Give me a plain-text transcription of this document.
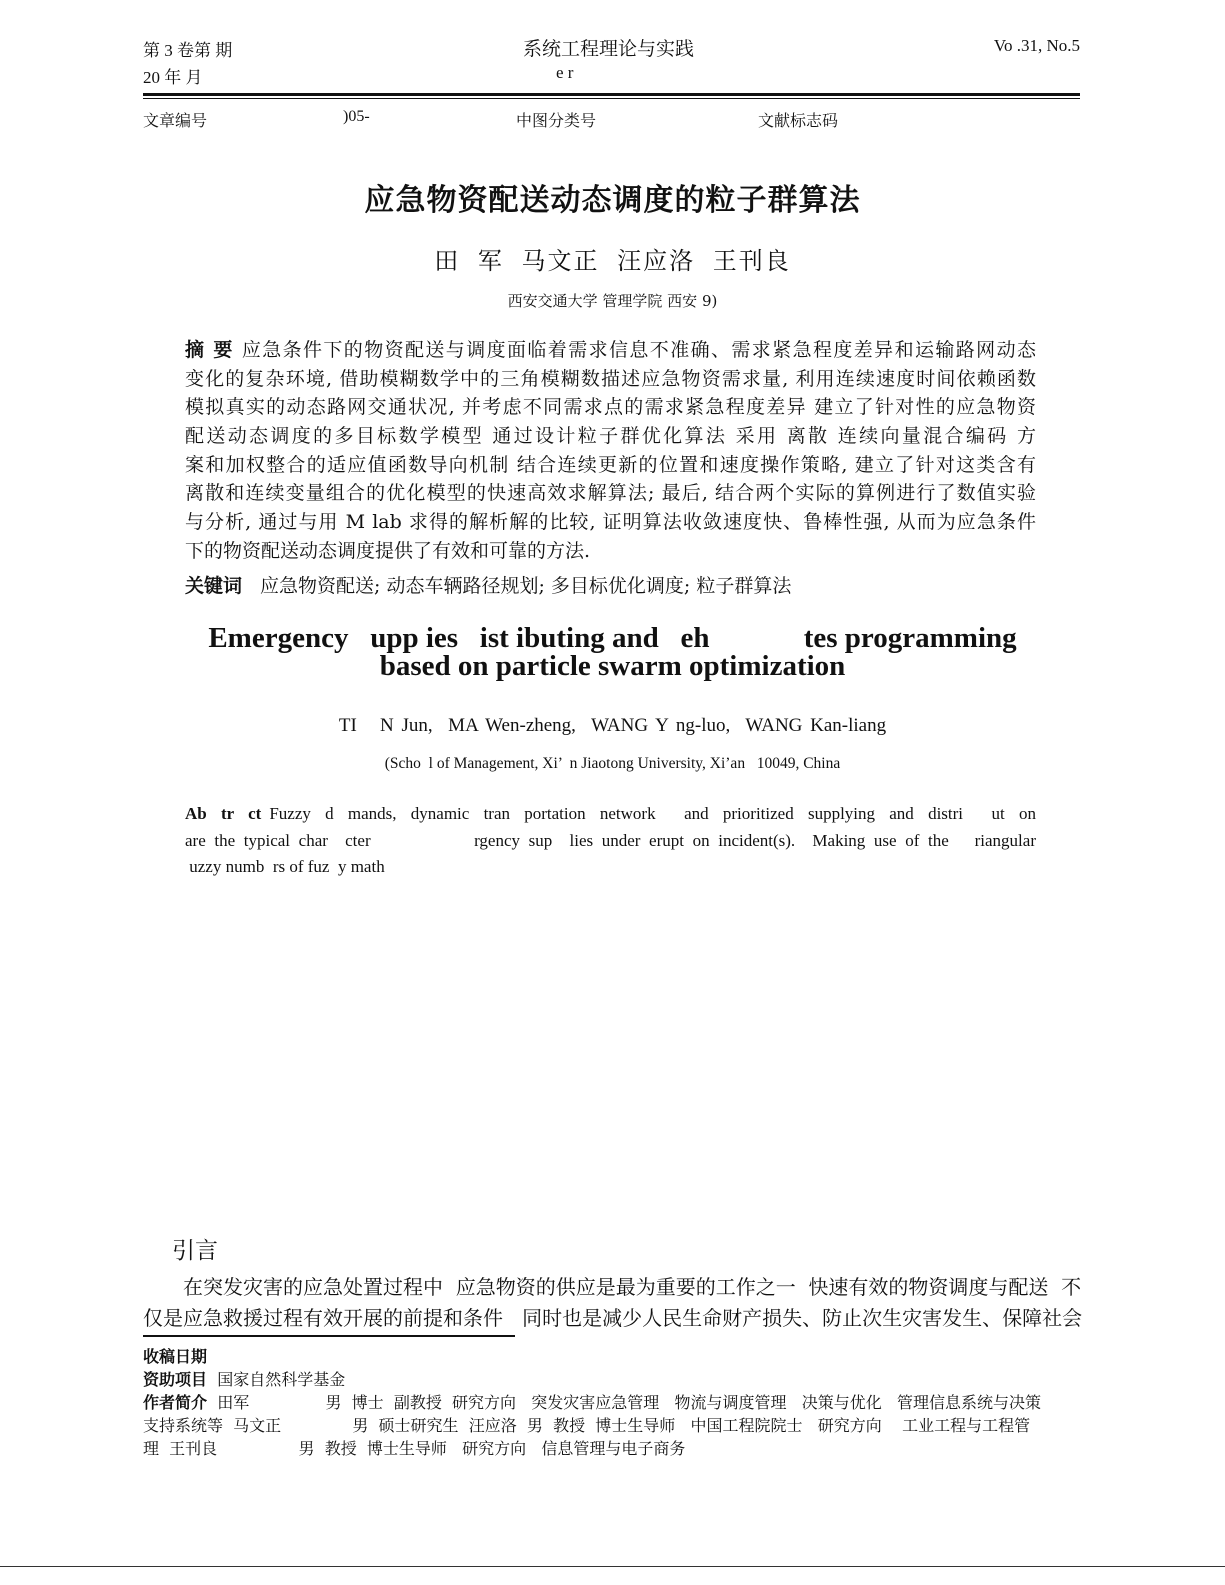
第 3 卷第 期
20 年 月
系统工程理论与实践
e r
Vo .31, No.5
文章编号	)05-	中图分类号	文献标志码
应急物资配送动态调度的粒子群算法
田 军 马文正 汪应洛 王刊良
西安交通大学 管理学院 西安 9)
摘 要 应急条件下的物资配送与调度面临着需求信息不准确、需求紧急程度差异和运输路网动态
变化的复杂环境, 借助模糊数学中的三角模糊数描述应急物资需求量, 利用连续速度时间依赖函数
模拟真实的动态路网交通状况, 并考虑不同需求点的需求紧急程度差异 建立了针对性的应急物资
配送动态调度的多目标数学模型 通过设计粒子群优化算法 采用 离散 连续向量混合编码 方
案和加权整合的适应值函数导向机制 结合连续更新的位置和速度操作策略, 建立了针对这类含有
离散和连续变量组合的优化模型的快速高效求解算法; 最后, 结合两个实际的算例进行了数值实验
与分析, 通过与用 M lab 求得的解析解的比较, 证明算法收敛速度快、鲁棒性强, 从而为应急条件
下的物资配送动态调度提供了有效和可靠的方法.
关键词 应急物资配送; 动态车辆路径规划; 多目标优化调度; 粒子群算法
Emergency   upp ies   ist ibuting and   eh             tes programming
based on particle swarm optimization
TI   N Jun,  MA Wen-zheng,  WANG Y ng-luo,  WANG Kan-liang
(Scho  l of Management, Xi’  n Jiaotong University, Xi’an   10049, China
Ab tr ct Fuzzy d mands, dynamic tran portation network  and prioritized supplying and distri  ut on
are the typical char  cter            rgency sup  lies under erupt on incident(s).  Making use of the   riangular
uzzy numb  rs of fuz  y math
引言
在突发灾害的应急处置过程中  应急物资的供应是最为重要的工作之一  快速有效的物资调度与配送  不
仅是应急救援过程有效开展的前提和条件   同时也是减少人民生命财产损失、防止次生灾害发生、保障社会
收稿日期
资助项目 国家自然科学基金
作者简介 田军               男  博士  副教授  研究方向   突发灾害应急管理   物流与调度管理   决策与优化   管理信息系统与决策
支持系统等  马文正              男  硕士研究生  汪应洛  男  教授  博士生导师   中国工程院院士   研究方向    工业工程与工程管
理  王刊良                男  教授  博士生导师   研究方向   信息管理与电子商务
